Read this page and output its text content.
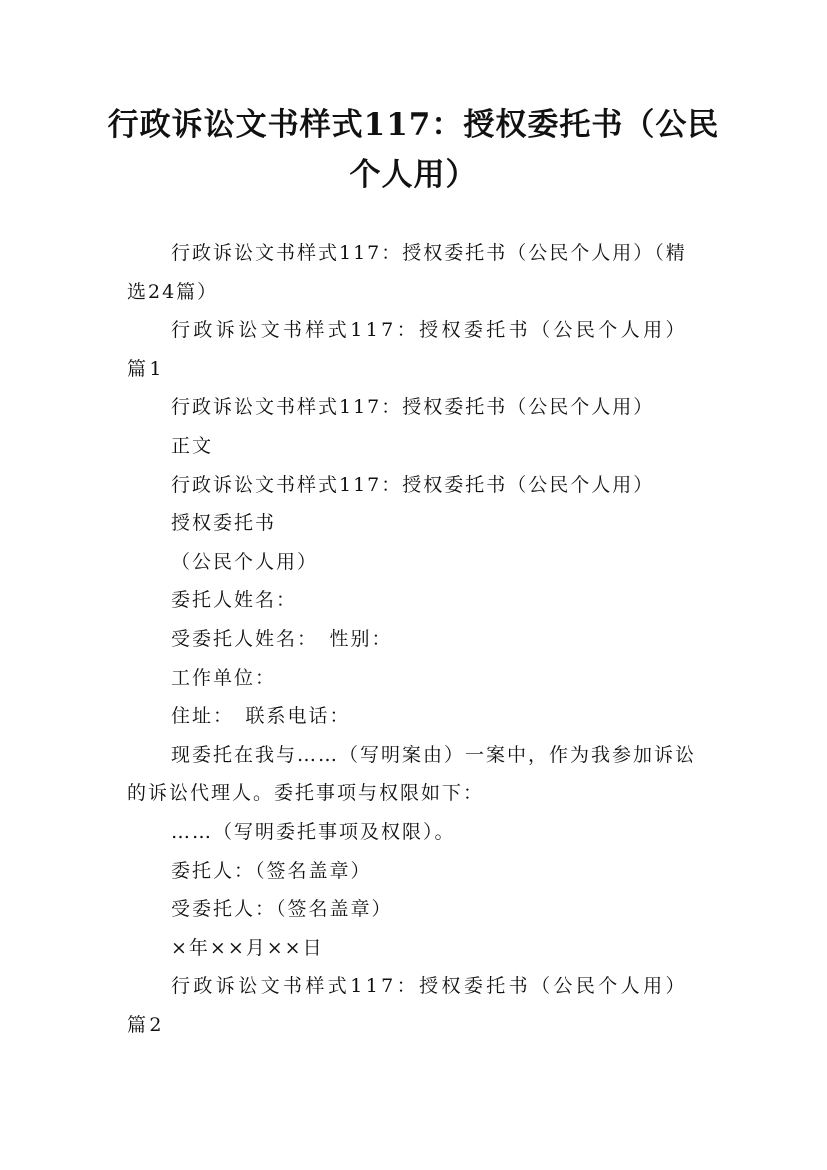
行政诉讼文书样式117：授权委托书（公民个人用）

行政诉讼文书样式117：授权委托书（公民个人用）（精选24篇）

行政诉讼文书样式117：授权委托书（公民个人用）篇1

行政诉讼文书样式117：授权委托书（公民个人用）

正文

行政诉讼文书样式117：授权委托书（公民个人用）

授权委托书

（公民个人用）

委托人姓名：

受委托人姓名：　性别：

工作单位：

住址：　联系电话：

现委托在我与……（写明案由）一案中，作为我参加诉讼的诉讼代理人。委托事项与权限如下：

……（写明委托事项及权限）。

委托人：（签名盖章）

受委托人：（签名盖章）

×年××月××日

行政诉讼文书样式117：授权委托书（公民个人用）篇2
